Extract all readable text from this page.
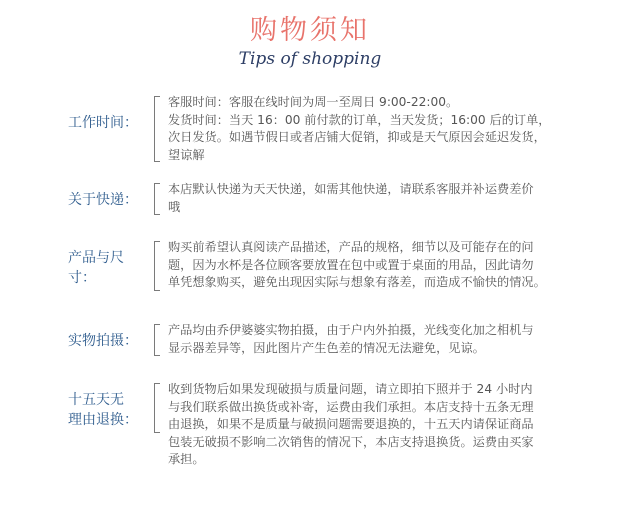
购物须知
Tips of shopping
工作时间：
客服时间：客服在线时间为周一至周日 9:00-22:00。
发货时间：当天 16：00 前付款的订单，当天发货；16:00 后的订单，
次日发货。如遇节假日或者店铺大促销，抑或是天气原因会延迟发货，
望谅解
关于快递：
本店默认快递为天天快递，如需其他快递，请联系客服并补运费差价
哦
产品与尺
寸：
购买前希望认真阅读产品描述，产品的规格，细节以及可能存在的问
题，因为水杯是各位顾客要放置在包中或置于桌面的用品，因此请勿
单凭想象购买，避免出现因实际与想象有落差，而造成不愉快的情况。
实物拍摄：
产品均由乔伊婆婆实物拍摄，由于户内外拍摄，光线变化加之相机与
显示器差异等，因此图片产生色差的情况无法避免，见谅。
十五天无
理由退换：
收到货物后如果发现破损与质量问题，请立即拍下照并于 24 小时内
与我们联系做出换货或补寄，运费由我们承担。本店支持十五条无理
由退换，如果不是质量与破损问题需要退换的，十五天内请保证商品
包装无破损不影响二次销售的情况下，本店支持退换货。运费由买家
承担。
